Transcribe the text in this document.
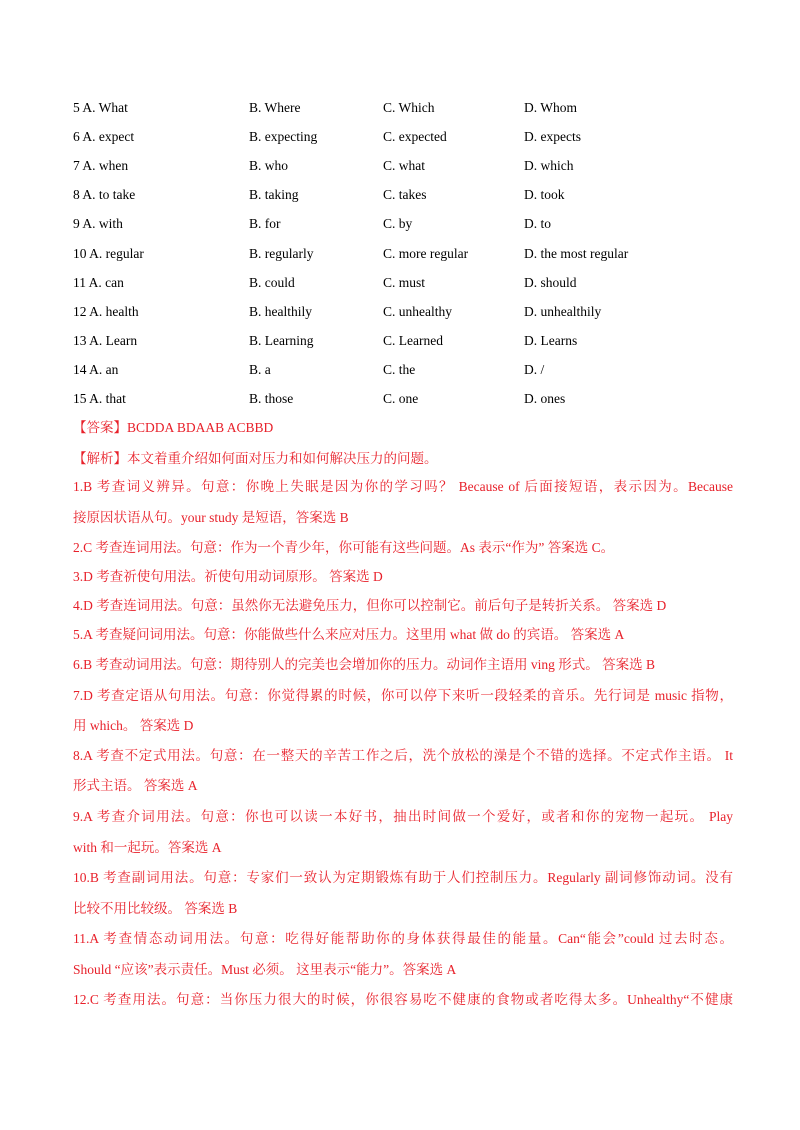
5 A. What	B. Where	C. Which	D. Whom
6 A. expect	B. expecting	C. expected	D. expects
7 A. when	B. who	C. what	D. which
8 A. to take	B. taking	C. takes	D. took
9 A. with	B. for	C. by	D. to
10 A. regular	B. regularly	C. more regular	D. the most regular
11 A. can	B. could	C. must	D. should
12 A. health	B. healthily	C. unhealthy	D. unhealthily
13 A. Learn	B. Learning	C. Learned	D. Learns
14 A. an	B. a	C. the	D. /
15 A. that	B. those	C. one	D. ones
【答案】BCDDA BDAAB ACBBD
【解析】本文着重介绍如何面对压力和如何解决压力的问题。
1.B 考查词义辨异。句意：你晚上失眠是因为你的学习吗？ Because of 后面接短语，表示因为。Because
接原因状语从句。your study 是短语，答案选 B
2.C 考查连词用法。句意：作为一个青少年，你可能有这些问题。As 表示“作为” 答案选 C。
3.D 考查祈使句用法。祈使句用动词原形。 答案选 D
4.D 考查连词用法。句意：虽然你无法避免压力，但你可以控制它。前后句子是转折关系。 答案选 D
5.A 考查疑问词用法。句意：你能做些什么来应对压力。这里用 what 做 do 的宾语。 答案选 A
6.B 考查动词用法。句意：期待别人的完美也会增加你的压力。动词作主语用 ving 形式。 答案选 B
7.D 考查定语从句用法。句意：你觉得累的时候，你可以停下来听一段轻柔的音乐。先行词是 music 指物，
用 which。 答案选 D
8.A 考查不定式用法。句意：在一整天的辛苦工作之后，洗个放松的澡是个不错的选择。不定式作主语。 It
形式主语。 答案选 A
9.A 考查介词用法。句意：你也可以读一本好书，抽出时间做一个爱好，或者和你的宠物一起玩。 Play
with 和一起玩。答案选 A
10.B 考查副词用法。句意：专家们一致认为定期锻炼有助于人们控制压力。Regularly 副词修饰动词。没有
比较不用比较级。 答案选 B
11.A 考查情态动词用法。句意：吃得好能帮助你的身体获得最佳的能量。Can“能会”could 过去时态。
Should “应该”表示责任。Must 必须。 这里表示“能力”。答案选 A
12.C 考查用法。句意：当你压力很大的时候，你很容易吃不健康的食物或者吃得太多。Unhealthy“不健康
